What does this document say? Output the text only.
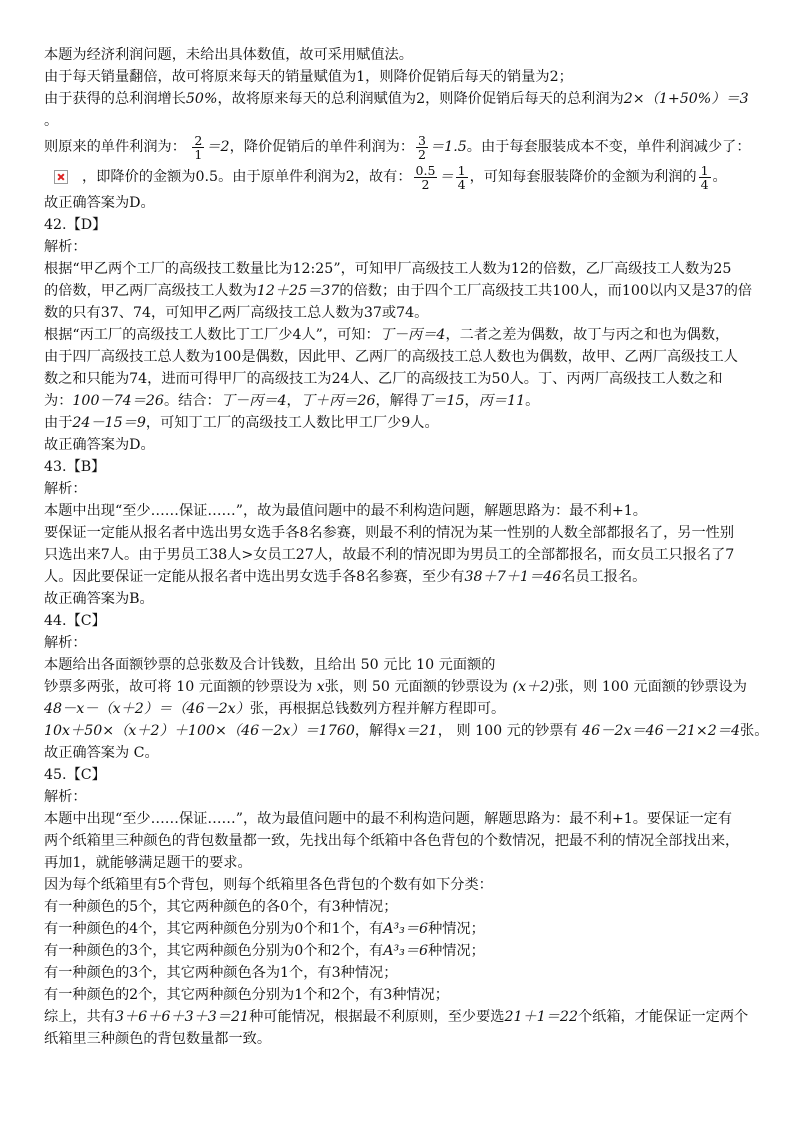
本题为经济利润问题，未给出具体数值，故可采用赋值法。
由于每天销量翻倍，故可将原来每天的销量赋值为1，则降价促销后每天的销量为2；
由于获得的总利润增长50%，故将原来每天的总利润赋值为2，则降价促销后每天的总利润为2×（1+50%）＝3
。
则原来的单件利润为： $\frac{2}{1} =2$，降价促销后的单件利润为： $\frac{3}{2} =1.5$。由于每套服装成本不变，单件利润减少了：
，即降价的金额为0.5。由于原单件利润为2，故有： $\frac{0.5}{2} = \frac{1}{4}$ ，可知每套服装降价的金额为利润的 $\frac{1}{4}$ 。
故正确答案为D。
42.【D】
解析：
根据“甲乙两个工厂的高级技工数量比为12:25”，可知甲厂高级技工人数为12的倍数，乙厂高级技工人数为25
的倍数，甲乙两厂高级技工人数为12＋25＝37的倍数；由于四个工厂高级技工共100人，而100以内又是37的倍
数的只有37、74，可知甲乙两厂高级技工总人数为37或74。
根据“丙工厂的高级技工人数比丁工厂少4人”，可知：丁－丙＝4，二者之差为偶数，故丁与丙之和也为偶数，
由于四厂高级技工总人数为100是偶数，因此甲、乙两厂的高级技工总人数也为偶数，故甲、乙两厂高级技工人
数之和只能为74，进而可得甲厂的高级技工为24人、乙厂的高级技工为50人。丁、丙两厂高级技工人数之和
为：100－74＝26。结合：丁－丙＝4，丁＋丙＝26，解得丁＝15，丙＝11。
由于24－15＝9，可知丁工厂的高级技工人数比甲工厂少9人。
故正确答案为D。
43.【B】
解析：
本题中出现“至少……保证……”，故为最值问题中的最不利构造问题，解题思路为：最不利+1。
要保证一定能从报名者中选出男女选手各8名参赛，则最不利的情况为某一性别的人数全部都报名了，另一性别
只选出来7人。由于男员工38人>女员工27人，故最不利的情况即为男员工的全部都报名，而女员工只报名了7
人。因此要保证一定能从报名者中选出男女选手各8名参赛，至少有38＋7＋1＝46名员工报名。
故正确答案为B。
44.【C】
解析：
本题给出各面额钞票的总张数及合计钱数，且给出 50 元比 10 元面额的
钞票多两张，故可将 10 元面额的钞票设为 x张，则 50 元面额的钞票设为 (x＋2)张，则 100 元面额的钞票设为
48－x－（x＋2）＝（46－2x）张，再根据总钱数列方程并解方程即可。
10x＋50×（x＋2）＋100×（46－2x）＝1760，解得x＝21， 则 100 元的钞票有 46－2x＝46－21×2＝4张。
故正确答案为 C。
45.【C】
解析：
本题中出现“至少……保证……”，故为最值问题中的最不利构造问题，解题思路为：最不利+1。要保证一定有
两个纸箱里三种颜色的背包数量都一致，先找出每个纸箱中各色背包的个数情况，把最不利的情况全部找出来，
再加1，就能够满足题干的要求。
因为每个纸箱里有5个背包，则每个纸箱里各色背包的个数有如下分类：
有一种颜色的5个，其它两种颜色的各0个，有3种情况；
有一种颜色的4个，其它两种颜色分别为0个和1个，有A³₃＝6种情况；
有一种颜色的3个，其它两种颜色分别为0个和2个，有A³₃＝6种情况；
有一种颜色的3个，其它两种颜色各为1个，有3种情况；
有一种颜色的2个，其它两种颜色分别为1个和2个，有3种情况；
综上，共有3＋6＋6＋3＋3＝21种可能情况，根据最不利原则，至少要选21＋1＝22个纸箱，才能保证一定两个
纸箱里三种颜色的背包数量都一致。
